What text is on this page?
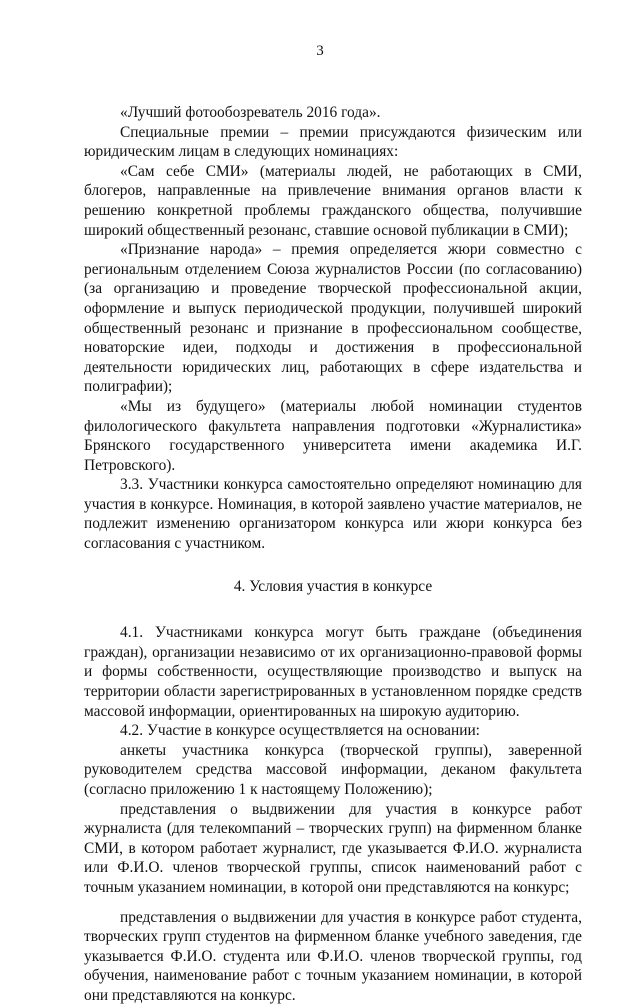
3

«Лучший фотообозреватель 2016 года».

Специальные премии – премии присуждаются физическим или юридическим лицам в следующих номинациях:

«Сам себе СМИ» (материалы людей, не работающих в СМИ, блогеров, направленные на привлечение внимания органов власти к решению конкретной проблемы гражданского общества, получившие широкий общественный резонанс, ставшие основой публикации в СМИ);

«Признание народа» – премия определяется жюри совместно с региональным отделением Союза журналистов России (по согласованию) (за организацию и проведение творческой профессиональной акции, оформление и выпуск периодической продукции, получившей широкий общественный резонанс и признание в профессиональном сообществе, новаторские идеи, подходы и достижения в профессиональной деятельности юридических лиц, работающих в сфере издательства и полиграфии);

«Мы из будущего» (материалы любой номинации студентов филологического факультета направления подготовки «Журналистика» Брянского государственного университета имени академика И.Г. Петровского).

3.3. Участники конкурса самостоятельно определяют номинацию для участия в конкурсе. Номинация, в которой заявлено участие материалов, не подлежит изменению организатором конкурса или жюри конкурса без согласования с участником.

4. Условия участия в конкурсе

4.1. Участниками конкурса могут быть граждане (объединения граждан), организации независимо от их организационно-правовой формы и формы собственности, осуществляющие производство и выпуск на территории области зарегистрированных в установленном порядке средств массовой информации, ориентированных на широкую аудиторию.

4.2. Участие в конкурсе осуществляется на основании:

анкеты участника конкурса (творческой группы), заверенной руководителем средства массовой информации, деканом факультета (согласно приложению 1 к настоящему Положению);

представления о выдвижении для участия в конкурсе работ журналиста (для телекомпаний – творческих групп) на фирменном бланке СМИ, в котором работает журналист, где указывается Ф.И.О. журналиста или Ф.И.О. членов творческой группы, список наименований работ с точным указанием номинации, в которой они представляются на конкурс;

представления о выдвижении для участия в конкурсе работ студента, творческих групп студентов на фирменном бланке учебного заведения, где указывается Ф.И.О. студента или Ф.И.О. членов творческой группы, год обучения, наименование работ с точным указанием номинации, в которой они представляются на конкурс.
